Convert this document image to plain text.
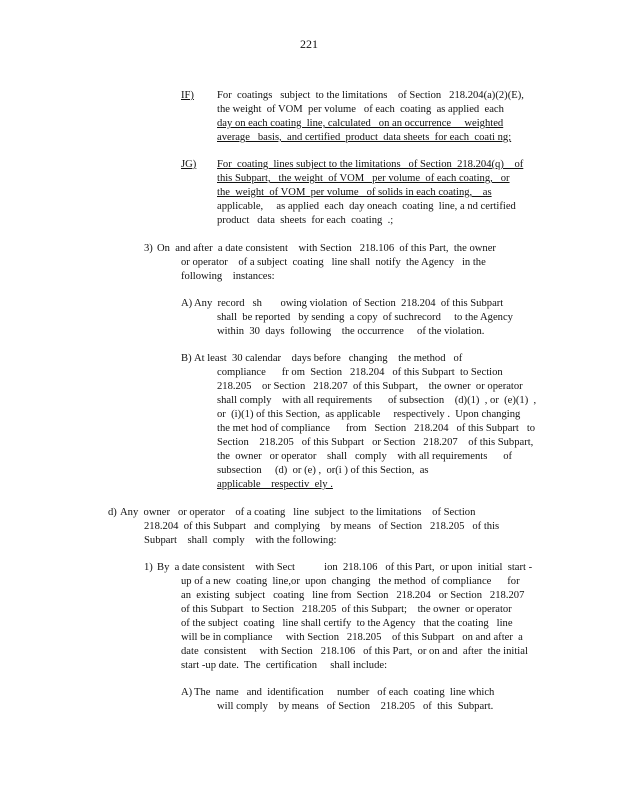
221
IF) For  coatings   subject  to the limitations    of Section   218.204(a)(2)(E),
the weight  of VOM  per volume   of each  coating  as applied  each
day on each coating  line, calculated   on an occurrence     weighted
average   basis,  and certified  product  data sheets  for each  coati ng;
JG) For  coating  lines subject to the limitations   of Section  218.204(q)    of
this Subpart,   the weight  of VOM   per volume  of each coating,   or
the  weight  of VOM  per volume   of solids in each coating,    as
applicable,     as applied  each  day oneach  coating  line, a nd certified
product   data  sheets  for each  coating  .;
3) On  and after  a date consistent    with Section   218.106  of this Part,  the owner
or operator    of a subject  coating   line shall  notify  the Agency   in the
following    instances:
A) Any  record   sh       owing violation  of Section  218.204  of this Subpart
shall  be reported   by sending  a copy  of suchrecord     to the Agency
within  30  days  following    the occurrence     of the violation.
B) At least  30 calendar    days before   changing    the method   of
compliance      fr om  Section   218.204   of this Subpart  to Section
218.205    or Section   218.207  of this Subpart,    the owner  or operator
shall comply    with all requirements      of subsection    (d)(1)  , or  (e)(1)  ,
or  (i)(1) of this Section,  as applicable     respectively .  Upon changing
the met hod of compliance      from   Section   218.204   of this Subpart   to
Section    218.205   of this Subpart   or Section   218.207    of this Subpart,
the  owner   or operator    shall   comply    with all requirements      of
subsection     (d)  or (e) ,  or(i ) of this Section,  as
applicable    respectiv  ely .
d) Any  owner   or operator    of a coating   line  subject  to the limitations    of Section
218.204  of this Subpart   and  complying    by means   of Section   218.205   of this
Subpart    shall  comply    with the following:
1) By  a date consistent    with Sect           ion  218.106   of this Part,  or upon  initial  start -
up of a new  coating  line,or  upon  changing   the method  of compliance      for
an  existing  subject   coating   line from  Section   218.204   or Section   218.207
of this Subpart   to Section   218.205  of this Subpart;    the owner  or operator
of the subject  coating   line shall certify  to the Agency   that the coating   line
will be in compliance     with Section   218.205    of this Subpart   on and after  a
date  consistent     with Section   218.106   of this Part,  or on and  after  the initial
start -up date.  The  certification     shall include:
A) The  name   and  identification     number   of each  coating  line which
will comply    by means   of Section    218.205   of  this  Subpart.
